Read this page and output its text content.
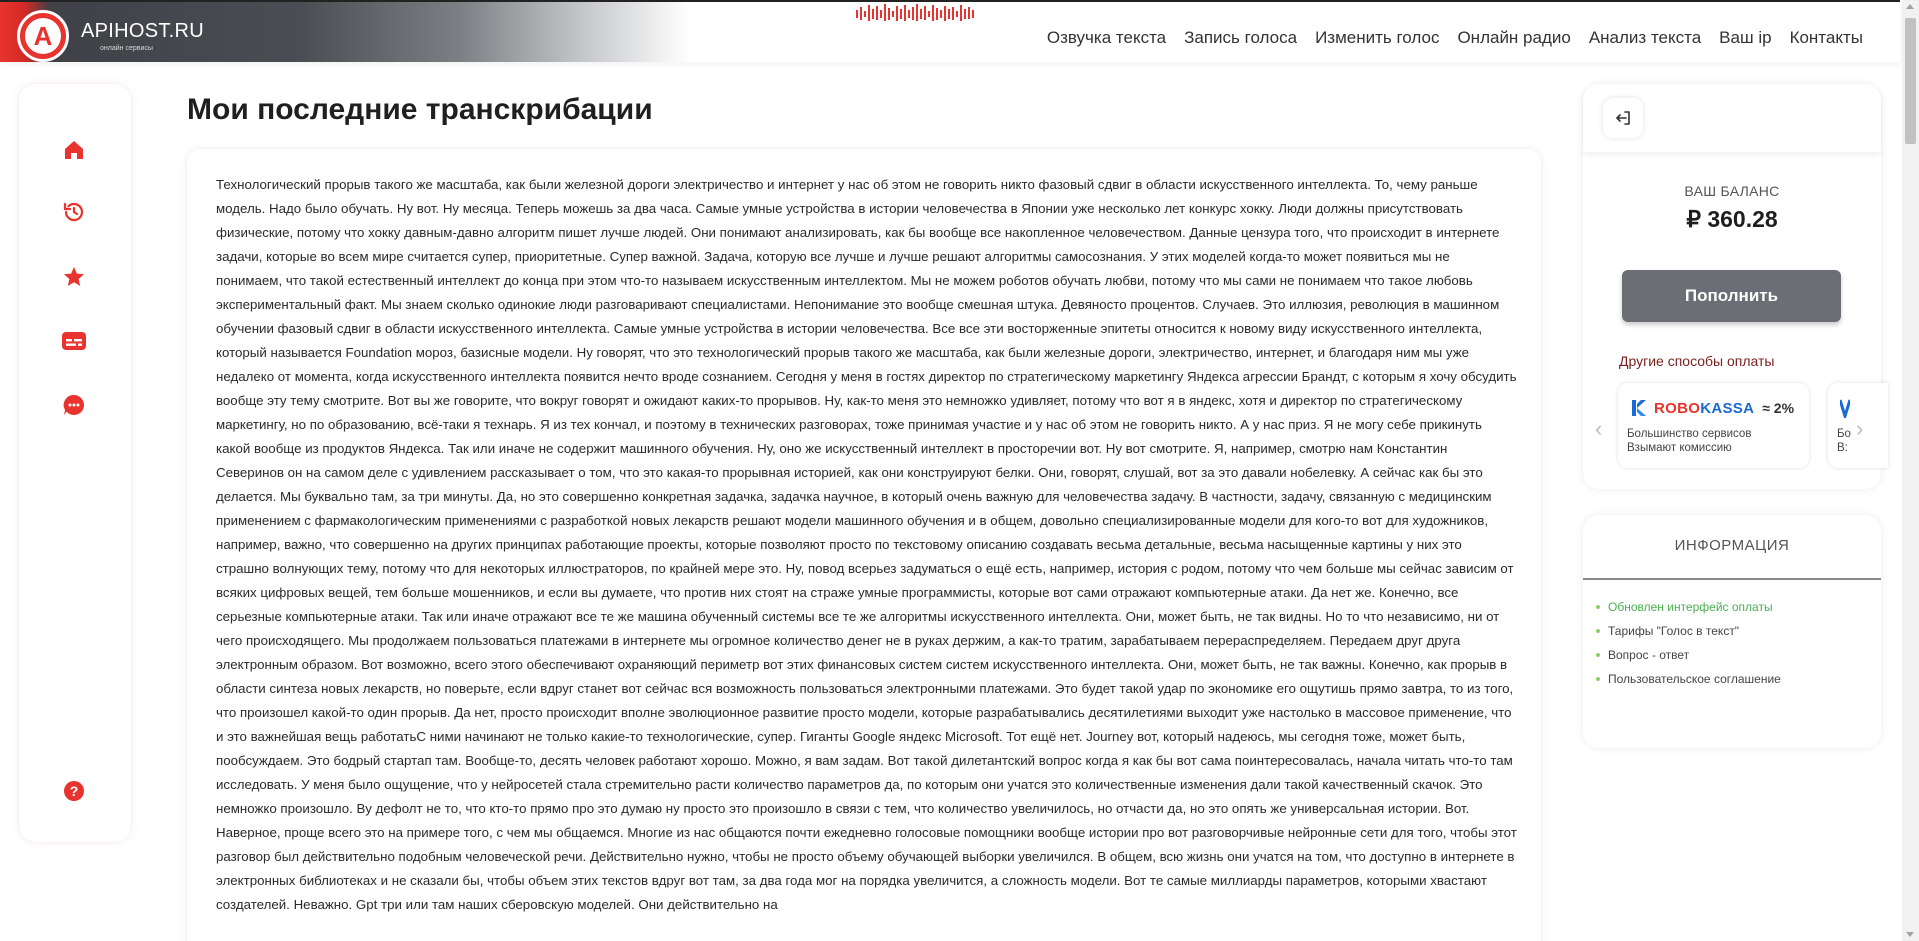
A	APIHOST.RU
онлайн сервисы
Озвучка текста Запись голоса Изменить голос Онлайн радио Анализ текста Ваш ip Контакты
?
Мои последние транскрибации

Технологический прорыв такого же масштаба, как были железной дороги электричество и интернет у нас об этом не говорить никто фазовый сдвиг в области искусственного интеллекта. То, чему раньше модель. Надо было обучать. Ну вот. Ну месяца. Теперь можешь за два часа. Самые умные устройства в истории человечества в Японии уже несколько лет конкурс хокку. Люди должны присутствовать физические, потому что хокку давным-давно алгоритм пишет лучше людей. Они понимают анализировать, как бы вообще все накопленное человечеством. Данные цензура того, что происходит в интернете задачи, которые во всем мире считается супер, приоритетные. Супер важной. Задача, которую все лучше и лучше решают алгоритмы самосознания. У этих моделей когда-то может появиться мы не понимаем, что такой естественный интеллект до конца при этом что-то называем искусственным интеллектом. Мы не можем роботов обучать любви, потому что мы сами не понимаем что такое любовь экспериментальный факт. Мы знаем сколько одинокие люди разговаривают специалистами. Непонимание это вообще смешная штука. Девяносто процентов. Случаев. Это иллюзия, революция в машинном обучении фазовый сдвиг в области искусственного интеллекта. Самые умные устройства в истории человечества. Все все эти восторженные эпитеты относится к новому виду искусственного интеллекта, который называется Foundation мороз, базисные модели. Ну говорят, что это технологический прорыв такого же масштаба, как были железные дороги, электричество, интернет, и благодаря ним мы уже недалеко от момента, когда искусственного интеллекта появится нечто вроде сознанием. Сегодня у меня в гостях директор по стратегическому маркетингу Яндекса агрессии Брандт, с которым я хочу обсудить вообще эту тему смотрите. Вот вы же говорите, что вокруг говорят и ожидают каких-то прорывов. Ну, как-то меня это немножко удивляет, потому что вот я в яндекс, хотя и директор по стратегическому маркетингу, но по образованию, всё-таки я технарь. Я из тех кончал, и поэтому в технических разговорах, тоже принимая участие и у нас об этом не говорить никто. А у нас приз. Я не могу себе прикинуть какой вообще из продуктов Яндекса. Так или иначе не содержит машинного обучения. Ну, оно же искусственный интеллект в просторечии вот. Ну вот смотрите. Я, например, смотрю нам Константин Северинов он на самом деле с удивлением рассказывает о том, что это какая-то прорывная историей, как они конструируют белки. Они, говорят, слушай, вот за это давали нобелевку. А сейчас как бы это делается. Мы буквально там, за три минуты. Да, но это совершенно конкретная задачка, задачка научное, в который очень важную для человечества задачу. В частности, задачу, связанную с медицинским применением с фармакологическим применениями с разработкой новых лекарств решают модели машинного обучения и в общем, довольно специализированные модели для кого-то вот для художников, например, важно, что совершенно на других принципах работающие проекты, которые позволяют просто по текстовому описанию создавать весьма детальные, весьма насыщенные картины у них это страшно волнующих тему, потому что для некоторых иллюстраторов, по крайней мере это. Ну, повод всерьез задуматься о ещё есть, например, история с родом, потому что чем больше мы сейчас зависим от всяких цифровых вещей, тем больше мошенников, и если вы думаете, что против них стоят на страже умные программисты, которые вот сами отражают компьютерные атаки. Да нет же. Конечно, все серьезные компьютерные атаки. Так или иначе отражают все те же машина обученный системы все те же алгоритмы искусственного интеллекта. Они, может быть, не так видны. Но то что независимо, ни от чего происходящего. Мы продолжаем пользоваться платежами в интернете мы огромное количество денег не в руках держим, а как-то тратим, зарабатываем перераспределяем. Передаем друг друга электронным образом. Вот возможно, всего этого обеспечивают охраняющий периметр вот этих финансовых систем систем искусственного интеллекта. Они, может быть, не так важны. Конечно, как прорыв в области синтеза новых лекарств, но поверьте, если вдруг станет вот сейчас вся возможность пользоваться электронными платежами. Это будет такой удар по экономике его ощутишь прямо завтра, то из того, что произошел какой-то один прорыв. Да нет, просто происходит вполне эволюционное развитие просто модели, которые разрабатывались десятилетиями выходит уже настолько в массовое применение, что и это важнейшая вещь работатьС ними начинают не только какие-то технологические, супер. Гиганты Google яндекс Microsoft. Тот ещё нет. Journey вот, который надеюсь, мы сегодня тоже, может быть, пообсуждаем. Это бодрый стартап там. Вообще-то, десять человек работают хорошо. Можно, я вам задам. Вот такой дилетантский вопрос когда я как бы вот сама поинтересовалась, начала читать что-то там исследовать. У меня было ощущение, что у нейросетей стала стремительно расти количество параметров да, по которым они учатся это количественные изменения дали такой качественный скачок. Это немножко произошло. Ву дефолт не то, что кто-то прямо про это думаю ну просто это произошло в связи с тем, что количество увеличилось, но отчасти да, но это опять же универсальная истории. Вот. Наверное, проще всего это на примере того, с чем мы общаемся. Многие из нас общаются почти ежедневно голосовые помощники вообще истории про вот разговорчивые нейронные сети для того, чтобы этот разговор был действительно подобным человеческой речи. Действительно нужно, чтобы не просто объему обучающей выборки увеличился. В общем, всю жизнь они учатся на том, что доступно в интернете в электронных библиотеках и не сказали бы, чтобы объем этих текстов вдруг вот там, за два года мог на порядка увеличится, а сложность модели. Вот те самые миллиарды параметров, которыми хвастают создателей. Неважно. Gpt три или там наших сберовскую моделей. Они действительно на

ВАШ БАЛАНС
₽ 360.28
Пополнить
Другие способы оплаты
‹
ROBOKASSA ≈ 2%
Большинство сервисов
Взымают комиссию
Бо
В:
›
ИНФОРМАЦИЯ
Обновлен интерфейс оплаты
Тарифы "Голос в текст"
Вопрос - ответ
Пользовательское соглашение
